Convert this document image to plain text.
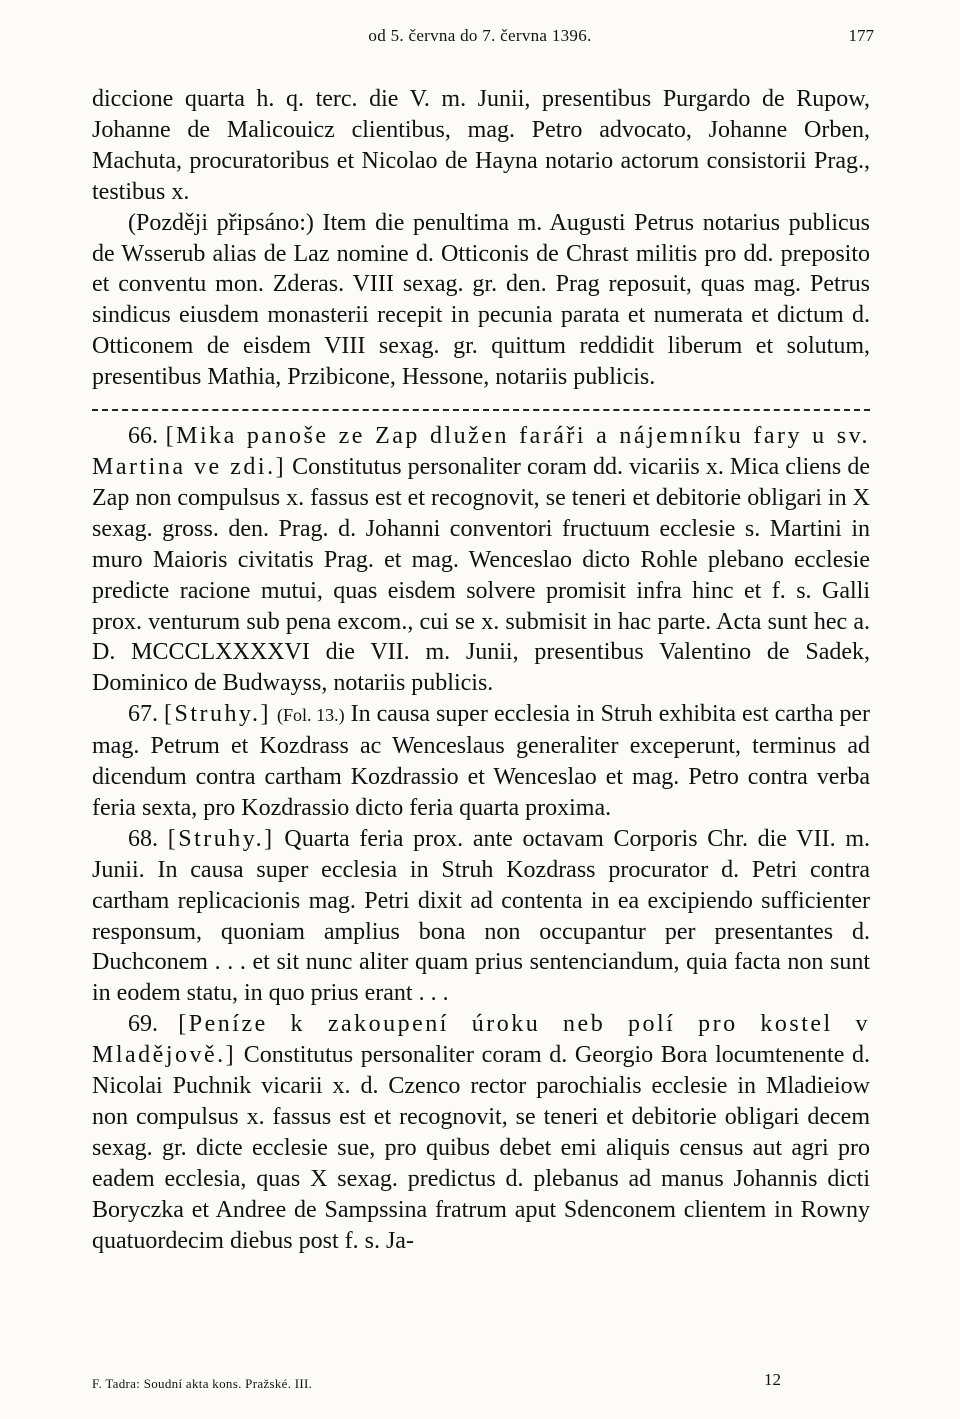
od 5. června do 7. června 1396.	177

diccione quarta h. q. terc. die V. m. Junii, presentibus Purgardo de Rupow, Johanne de Malicouicz clientibus, mag. Petro advocato, Johanne Orben, Machuta, procuratoribus et Nicolao de Hayna notario actorum consistorii Prag., testibus x.

(Později připsáno:) Item die penultima m. Augusti Petrus notarius publicus de Wsserub alias de Laz nomine d. Otticonis de Chrast militis pro dd. preposito et conventu mon. Zderas. VIII sexag. gr. den. Prag reposuit, quas mag. Petrus sindicus eiusdem monasterii recepit in pecunia parata et numerata et dictum d. Otticonem de eisdem VIII sexag. gr. quittum reddidit liberum et solutum, presentibus Mathia, Przibicone, Hessone, notariis publicis.

66. [Mika panoše ze Zap dlužen faráři a nájemníku fary u sv. Martina ve zdi.] Constitutus personaliter coram dd. vicariis x. Mica cliens de Zap non compulsus x. fassus est et recognovit, se teneri et debitorie obligari in X sexag. gross. den. Prag. d. Johanni conventori fructuum ecclesie s. Martini in muro Maioris civitatis Prag. et mag. Wenceslao dicto Rohle plebano ecclesie predicte racione mutui, quas eisdem solvere promisit infra hinc et f. s. Galli prox. venturum sub pena excom., cui se x. submisit in hac parte. Acta sunt hec a. D. MCCCLXXXXVI die VII. m. Junii, presentibus Valentino de Sadek, Dominico de Budwayss, notariis publicis.

67. [Struhy.] (Fol. 13.) In causa super ecclesia in Struh exhibita est cartha per mag. Petrum et Kozdrass ac Wenceslaus generaliter exceperunt, terminus ad dicendum contra cartham Kozdrassio et Wenceslao et mag. Petro contra verba feria sexta, pro Kozdrassio dicto feria quarta proxima.

68. [Struhy.] Quarta feria prox. ante octavam Corporis Chr. die VII. m. Junii. In causa super ecclesia in Struh Kozdrass procurator d. Petri contra cartham replicacionis mag. Petri dixit ad contenta in ea excipiendo sufficienter responsum, quoniam amplius bona non occupantur per presentantes d. Duchconem . . . et sit nunc aliter quam prius sentenciandum, quia facta non sunt in eodem statu, in quo prius erant . . .

69. [Peníze k zakoupení úroku neb polí pro kostel v Mladějově.] Constitutus personaliter coram d. Georgio Bora locumtenente d. Nicolai Puchnik vicarii x. d. Czenco rector parochialis ecclesie in Mladieiow non compulsus x. fassus est et recognovit, se teneri et debitorie obligari decem sexag. gr. dicte ecclesie sue, pro quibus debet emi aliquis census aut agri pro eadem ecclesia, quas X sexag. predictus d. plebanus ad manus Johannis dicti Boryczka et Andree de Sampssina fratrum aput Sdenconem clientem in Rowny quatuordecim diebus post f. s. Ja-

F. Tadra: Soudní akta kons. Pražské. III.	12
